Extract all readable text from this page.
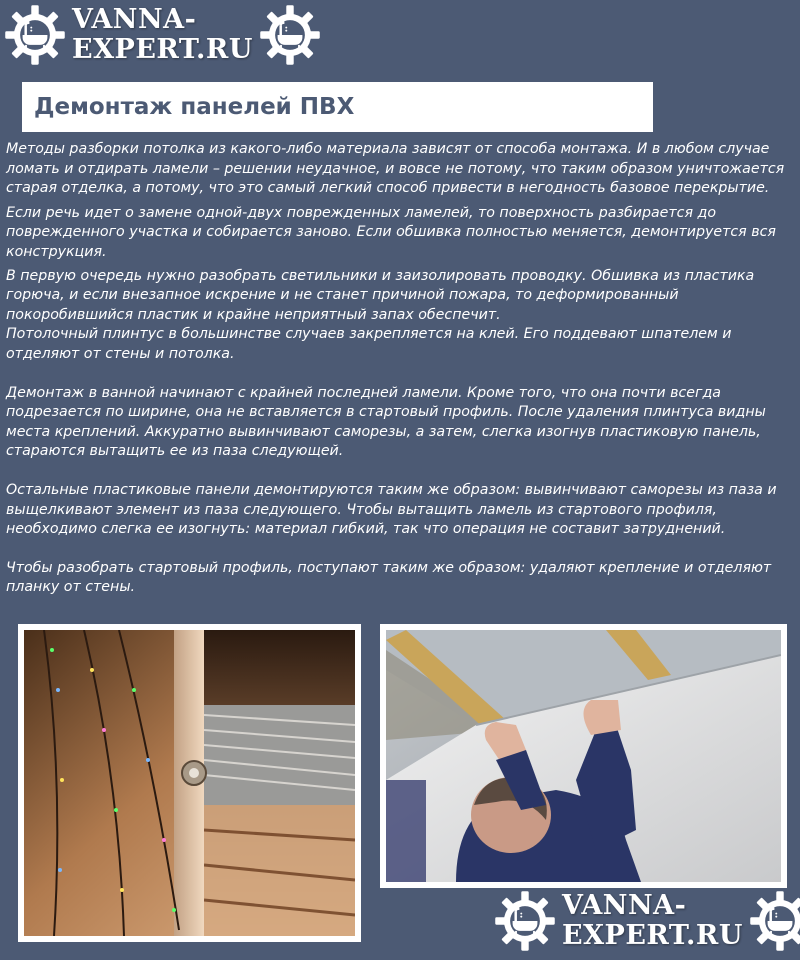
VANNA-
EXPERT.RU
Демонтаж панелей ПВХ

Методы разборки потолка из какого-либо материала зависят от способа монтажа. И в любом случае ломать и отдирать ламели – решении неудачное, и вовсе не потому, что таким образом уничтожается старая отделка, а потому, что это самый легкий способ привести в негодность базовое перекрытие.

Если речь идет о замене одной-двух поврежденных ламелей, то поверхность разбирается до поврежденного участка и собирается заново. Если обшивка полностью меняется, демонтируется вся конструкция.

В первую очередь нужно разобрать светильники и заизолировать проводку. Обшивка из пластика горюча, и если внезапное искрение и не станет причиной пожара, то деформированный покоробившийся пластик и крайне неприятный запах обеспечит.

Потолочный плинтус в большинстве случаев закрепляется на клей. Его поддевают шпателем и отделяют от стены и потолка.

Демонтаж в ванной начинают с крайней последней ламели. Кроме того, что она почти всегда подрезается по ширине, она не вставляется в стартовый профиль. После удаления плинтуса видны места креплений. Аккуратно вывинчивают саморезы, а затем, слегка изогнув пластиковую панель, стараются вытащить ее из паза следующей.

Остальные пластиковые панели демонтируются таким же образом: вывинчивают саморезы из паза и выщелкивают элемент из паза следующего. Чтобы вытащить ламель из стартового профиля, необходимо слегка ее изогнуть: материал гибкий, так что операция не составит затруднений.

Чтобы разобрать стартовый профиль, поступают таким же образом: удаляют крепление и отделяют планку от стены.

VANNA-
EXPERT.RU
